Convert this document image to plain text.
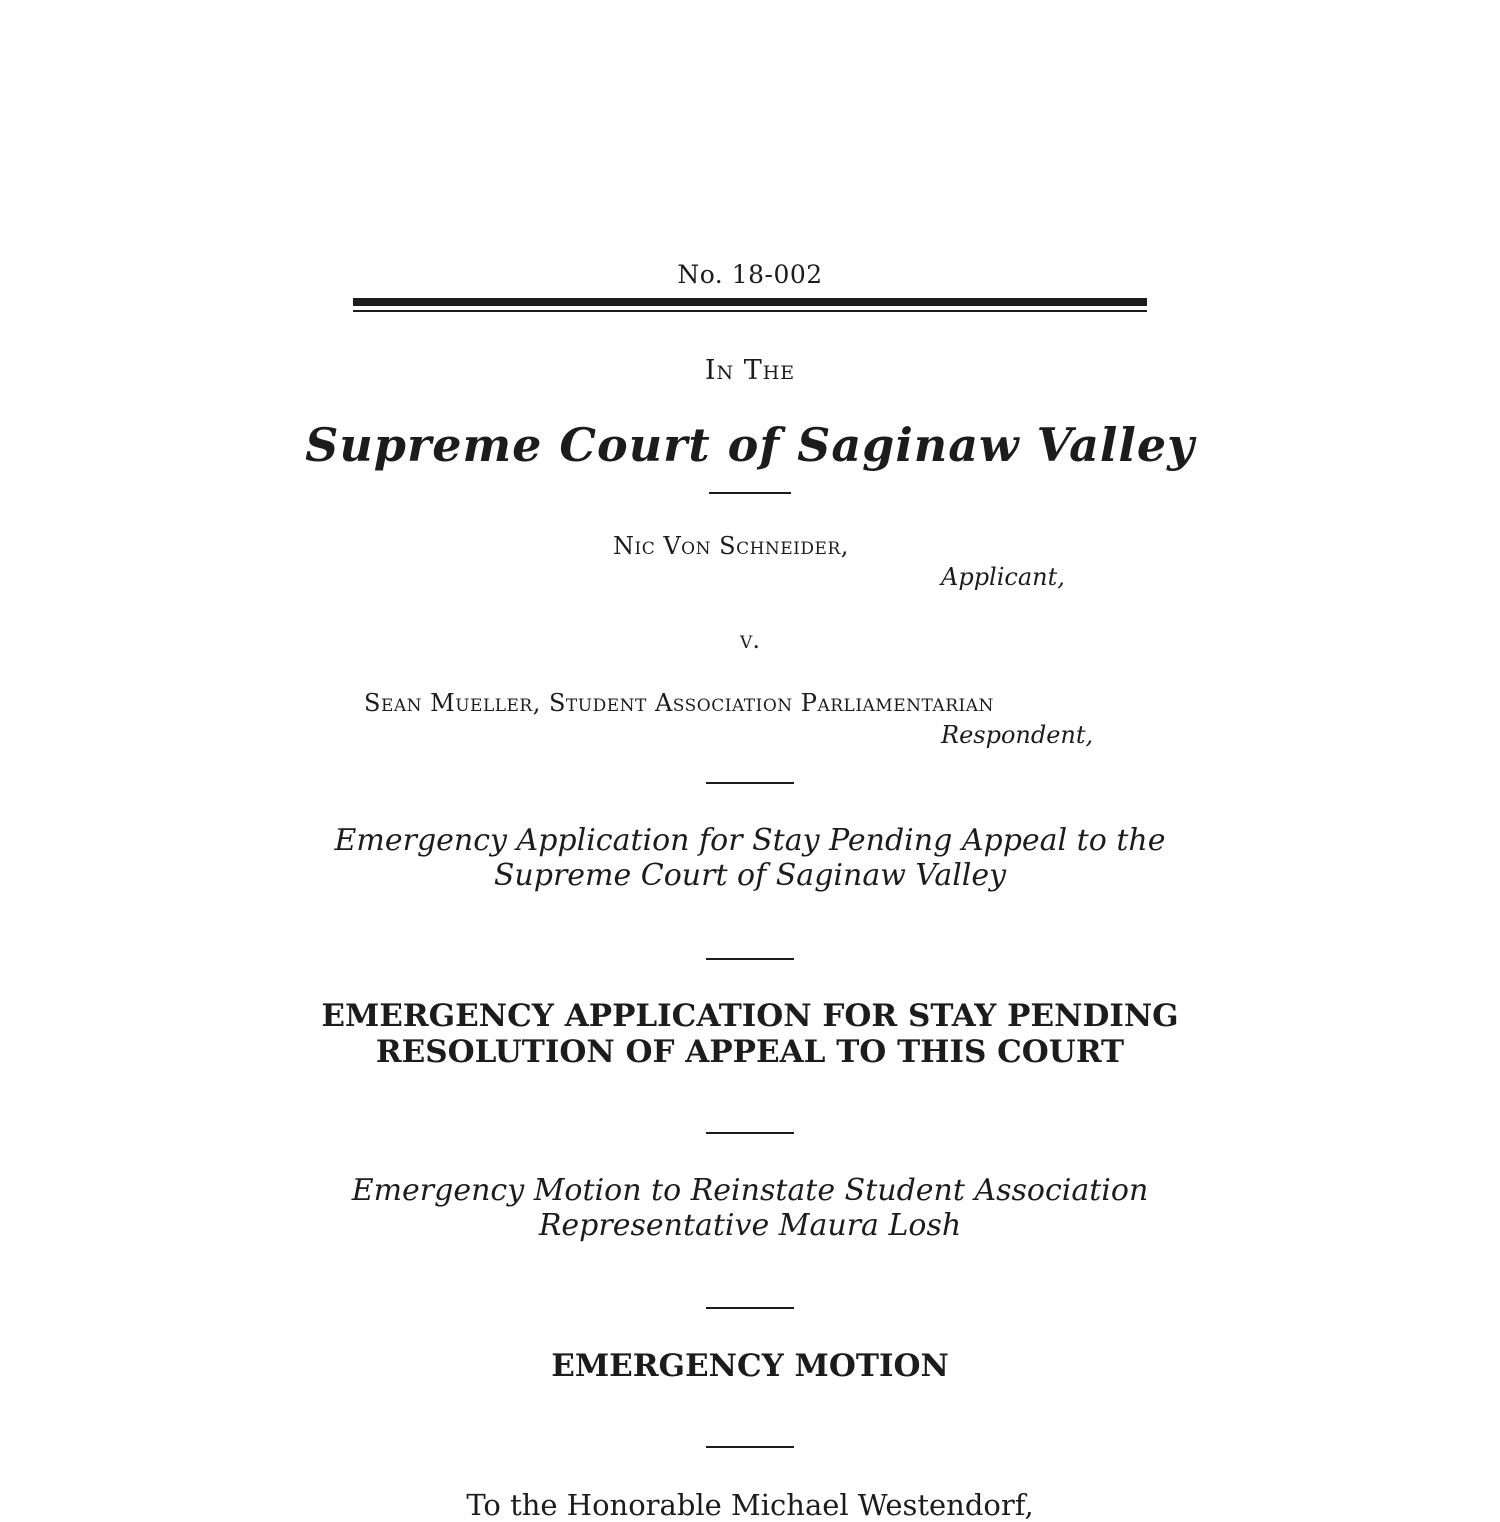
No. 18-002
In The
Supreme Court of Saginaw Valley
Nic Von Schneider,
Applicant,
v.
Sean Mueller, Student Association Parliamentarian
Respondent,
Emergency Application for Stay Pending Appeal to the
Supreme Court of Saginaw Valley
EMERGENCY APPLICATION FOR STAY PENDING
RESOLUTION OF APPEAL TO THIS COURT
Emergency Motion to Reinstate Student Association
Representative Maura Losh
EMERGENCY MOTION
To the Honorable Michael Westendorf,
